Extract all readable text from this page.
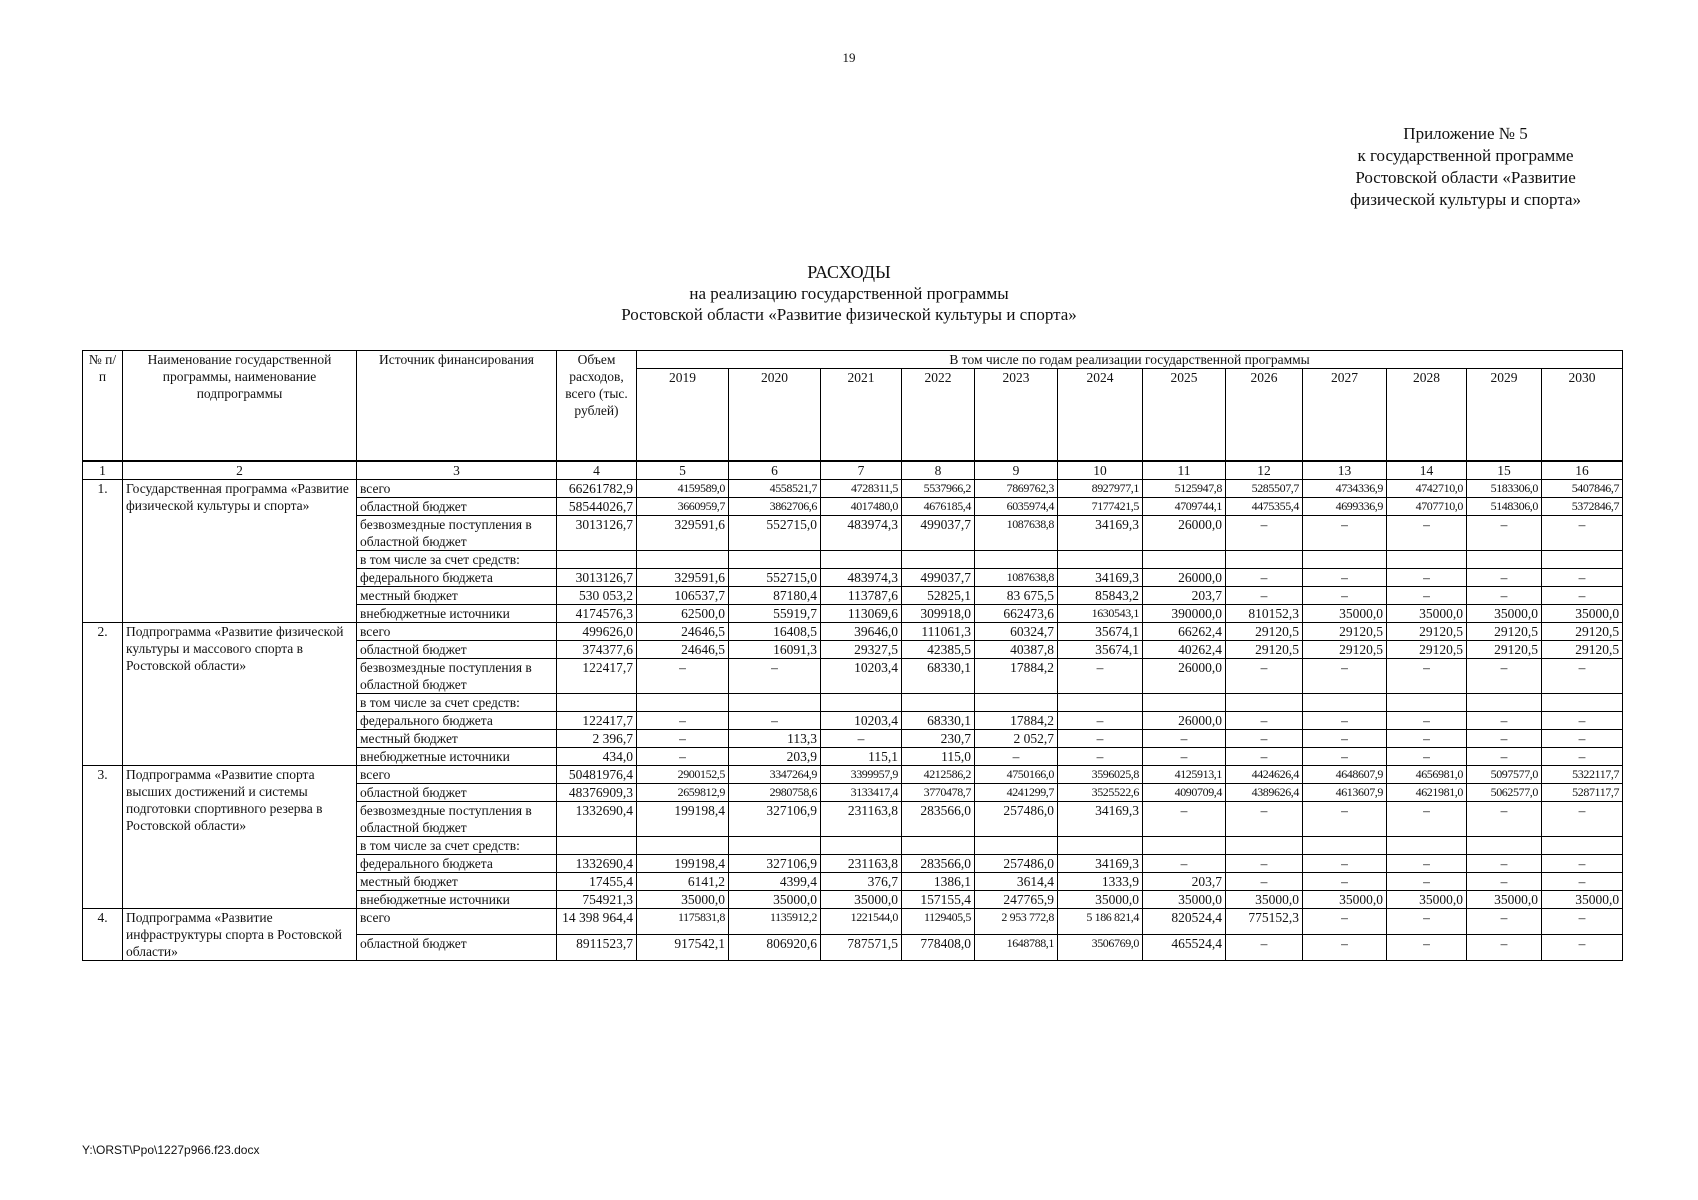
19
Приложение № 5
к государственной программе
Ростовской области «Развитие
физической культуры и спорта»
РАСХОДЫ
на реализацию государственной программы
Ростовской области «Развитие физической культуры и спорта»
№ п/п	Наименование государственной программы, наименование подпрограммы	Источник финансирования	Объем расходов, всего (тыс. рублей)	В том числе по годам реализации государственной программы											
				2019	2020	2021	2022	2023	2024	2025	2026	2027	2028	2029	2030
1	2	3	4	5	6	7	8	9	10	11	12	13	14	15	16
1.	Государственная программа «Развитие физической культуры и спорта»	всего	66261782,9	4159589,0	4558521,7	4728311,5	5537966,2	7869762,3	8927977,1	5125947,8	5285507,7	4734336,9	4742710,0	5183306,0	5407846,7
		областной бюджет	58544026,7	3660959,7	3862706,6	4017480,0	4676185,4	6035974,4	7177421,5	4709744,1	4475355,4	4699336,9	4707710,0	5148306,0	5372846,7
		безвозмездные поступления в областной бюджет	3013126,7	329591,6	552715,0	483974,3	499037,7	1087638,8	34169,3	26000,0	–	–	–	–	–
		в том числе за счет средств:													
		федерального бюджета	3013126,7	329591,6	552715,0	483974,3	499037,7	1087638,8	34169,3	26000,0	–	–	–	–	–
		местный бюджет	530 053,2	106537,7	87180,4	113787,6	52825,1	83 675,5	85843,2	203,7	–	–	–	–	–
		внебюджетные источники	4174576,3	62500,0	55919,7	113069,6	309918,0	662473,6	1630543,1	390000,0	810152,3	35000,0	35000,0	35000,0	35000,0
2.	Подпрограмма «Развитие физической культуры и массового спорта в Ростовской области»	всего	499626,0	24646,5	16408,5	39646,0	111061,3	60324,7	35674,1	66262,4	29120,5	29120,5	29120,5	29120,5	29120,5
		областной бюджет	374377,6	24646,5	16091,3	29327,5	42385,5	40387,8	35674,1	40262,4	29120,5	29120,5	29120,5	29120,5	29120,5
		безвозмездные поступления в областной бюджет	122417,7	–	–	10203,4	68330,1	17884,2	–	26000,0	–	–	–	–	–
		в том числе за счет средств:													
		федерального бюджета	122417,7	–	–	10203,4	68330,1	17884,2	–	26000,0	–	–	–	–	–
		местный бюджет	2 396,7	–	113,3	–	230,7	2 052,7	–	–	–	–	–	–	–
		внебюджетные источники	434,0	–	203,9	115,1	115,0	–	–	–	–	–	–	–	–
3.	Подпрограмма «Развитие спорта высших достижений и системы подготовки спортивного резерва в Ростовской области»	всего	50481976,4	2900152,5	3347264,9	3399957,9	4212586,2	4750166,0	3596025,8	4125913,1	4424626,4	4648607,9	4656981,0	5097577,0	5322117,7
		областной бюджет	48376909,3	2659812,9	2980758,6	3133417,4	3770478,7	4241299,7	3525522,6	4090709,4	4389626,4	4613607,9	4621981,0	5062577,0	5287117,7
		безвозмездные поступления в областной бюджет	1332690,4	199198,4	327106,9	231163,8	283566,0	257486,0	34169,3	–	–	–	–	–	–
		в том числе за счет средств:													
		федерального бюджета	1332690,4	199198,4	327106,9	231163,8	283566,0	257486,0	34169,3	–	–	–	–	–	–
		местный бюджет	17455,4	6141,2	4399,4	376,7	1386,1	3614,4	1333,9	203,7	–	–	–	–	–
		внебюджетные источники	754921,3	35000,0	35000,0	35000,0	157155,4	247765,9	35000,0	35000,0	35000,0	35000,0	35000,0	35000,0	35000,0
4.	Подпрограмма «Развитие инфраструктуры спорта в Ростовской области»	всего	14 398 964,4	1175831,8	1135912,2	1221544,0	1129405,5	2 953 772,8	5 186 821,4	820524,4	775152,3	–	–	–	–
		областной бюджет	8911523,7	917542,1	806920,6	787571,5	778408,0	1648788,1	3506769,0	465524,4	–	–	–	–	–
Y:\ORST\Ppo\1227p966.f23.docx
